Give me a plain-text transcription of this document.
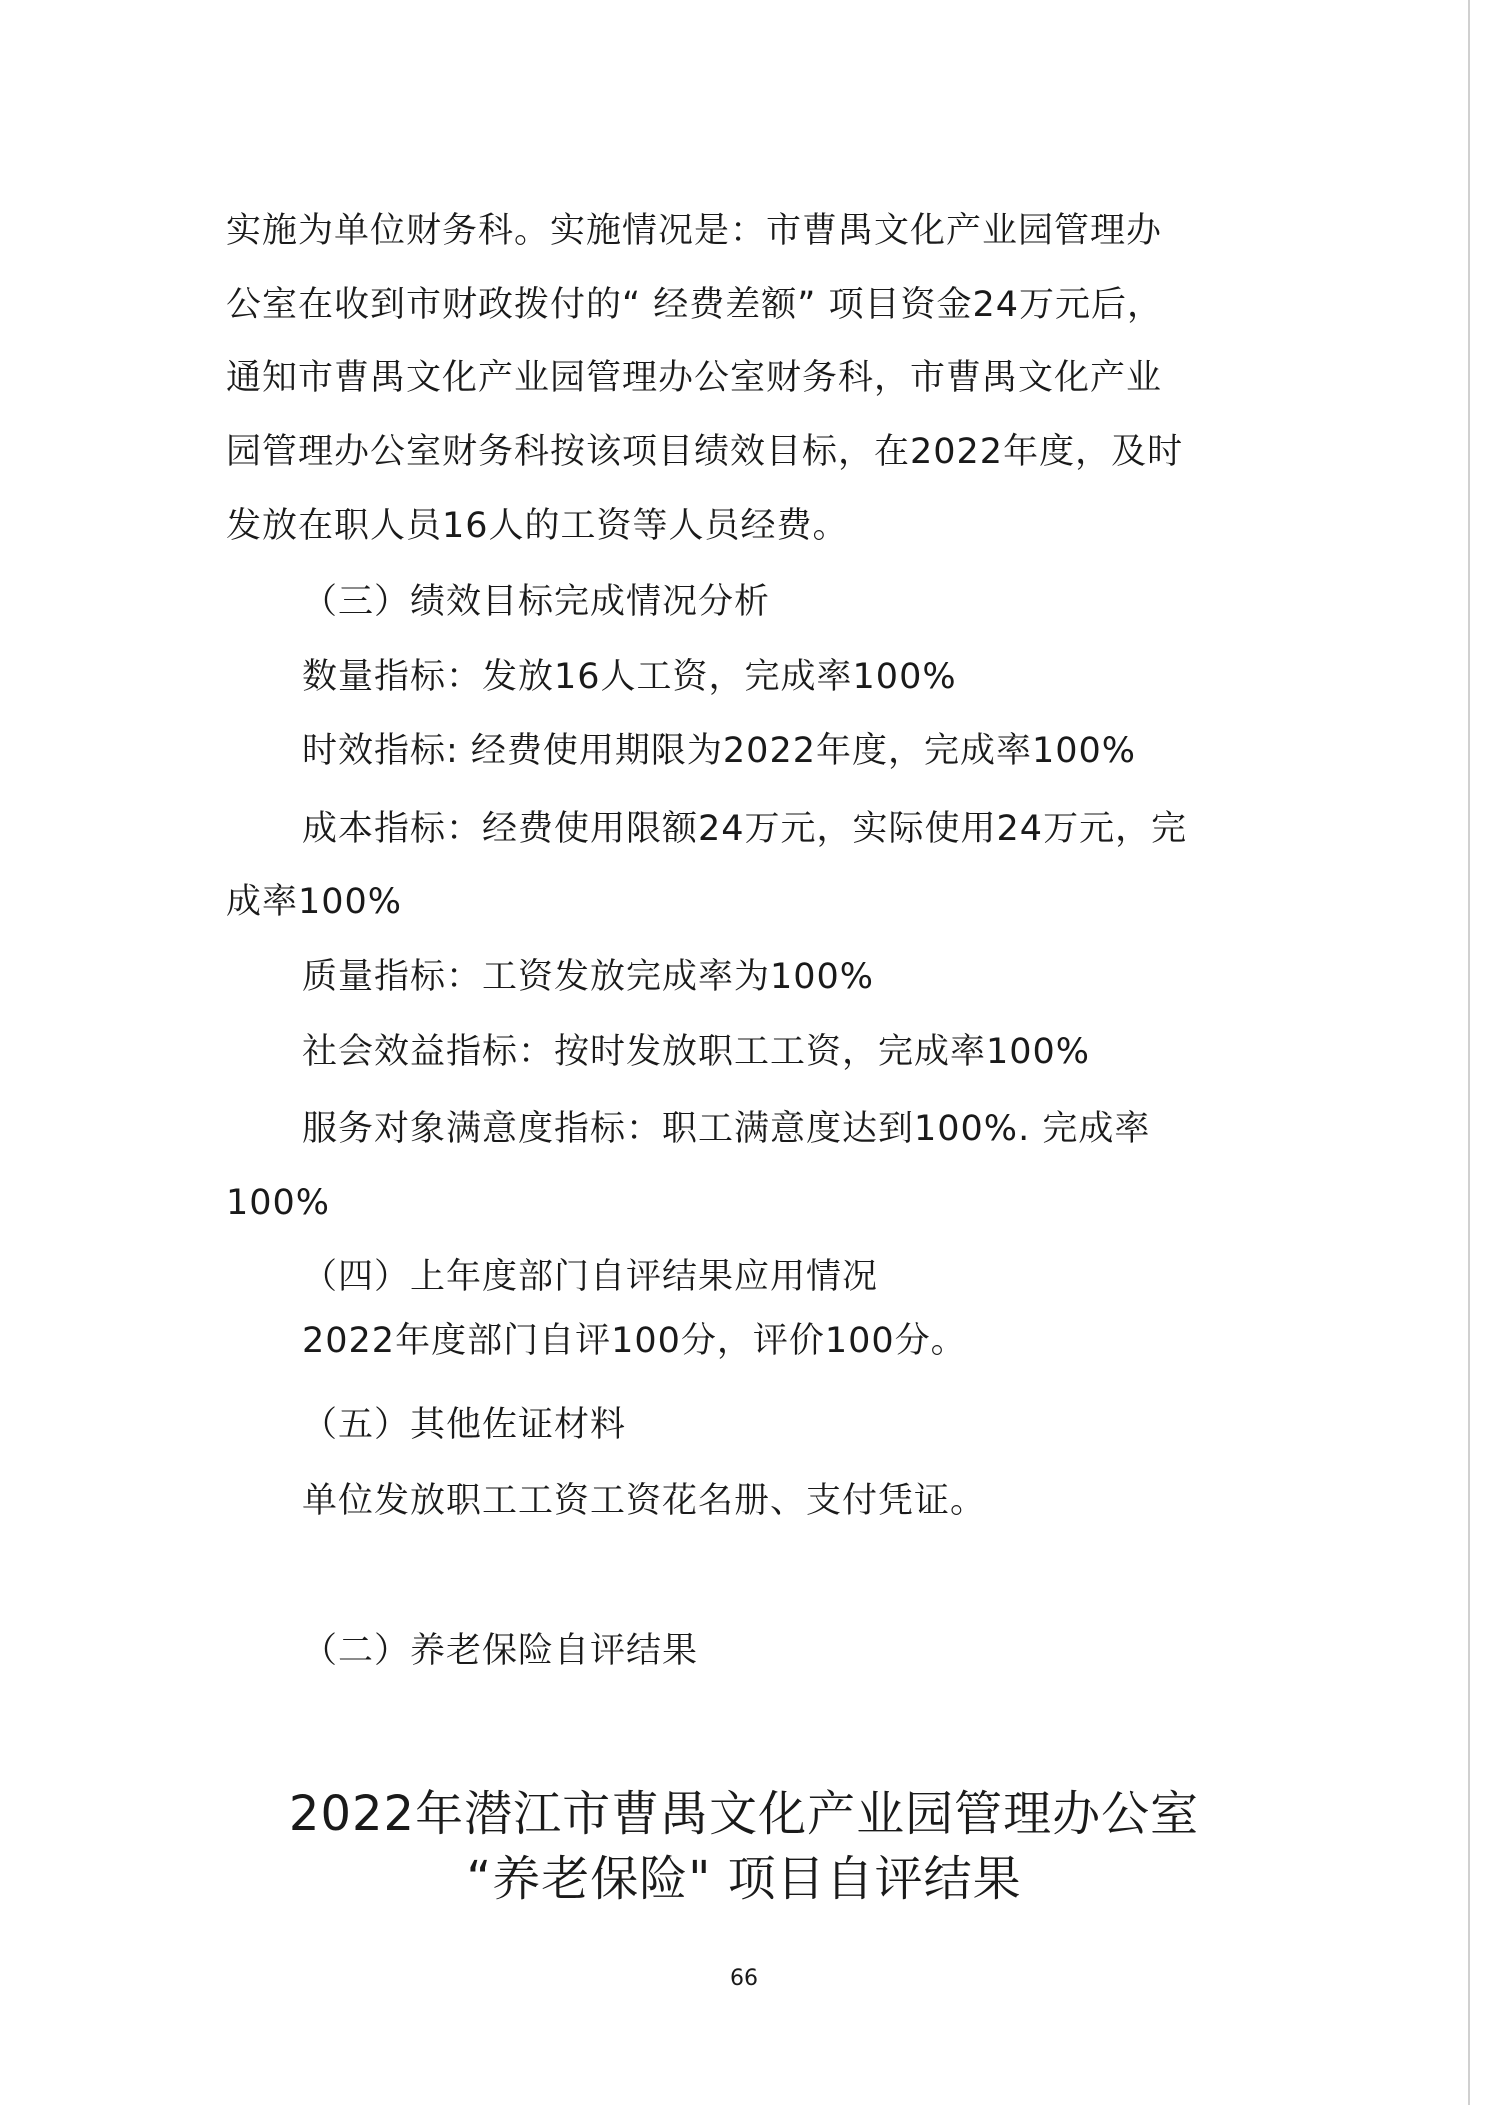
实施为单位财务科。实施情况是：市曹禺文化产业园管理办
公室在收到市财政拨付的“ 经费差额” 项目资金24万元后，
通知市曹禺文化产业园管理办公室财务科，市曹禺文化产业
园管理办公室财务科按该项目绩效目标，在2022年度，及时
发放在职人员16人的工资等人员经费。
（三）绩效目标完成情况分析
数量指标：发放16人工资，完成率100%
时效指标: 经费使用期限为2022年度，完成率100%
成本指标：经费使用限额24万元，实际使用24万元，完
成率100%
质量指标：工资发放完成率为100%
社会效益指标：按时发放职工工资，完成率100%
服务对象满意度指标：职工满意度达到100%. 完成率
100%
（四）上年度部门自评结果应用情况
2022年度部门自评100分，评价100分。
（五）其他佐证材料
单位发放职工工资工资花名册、支付凭证。
（二）养老保险自评结果
2022年潜江市曹禺文化产业园管理办公室
“养老保险" 项目自评结果
66
